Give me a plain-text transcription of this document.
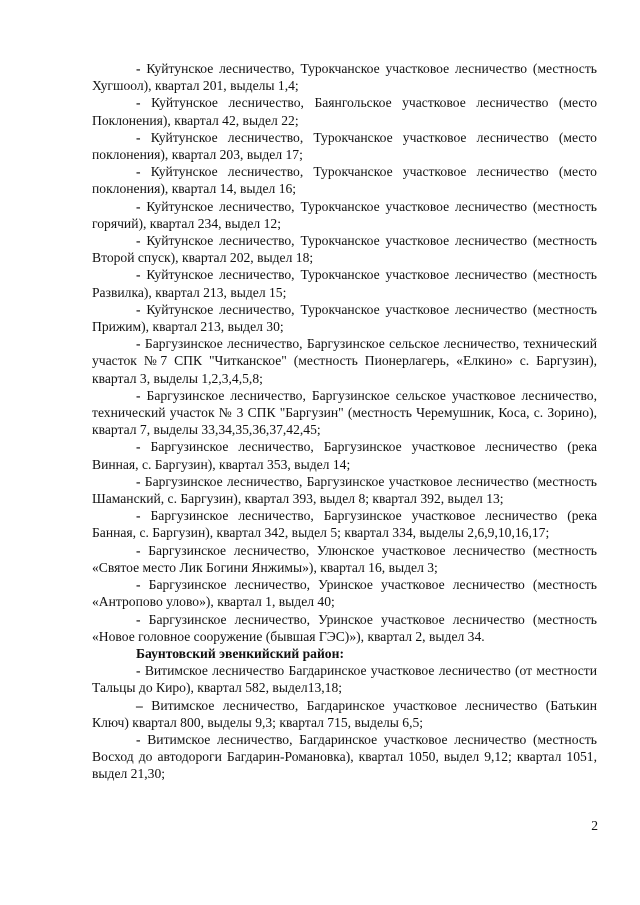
- Куйтунское лесничество, Турокчанское участковое лесничество (местность Хугшоол), квартал 201, выделы 1,4;

- Куйтунское лесничество, Баянгольское участковое лесничество (место Поклонения), квартал 42, выдел 22;

- Куйтунское лесничество, Турокчанское участковое лесничество (место поклонения), квартал 203, выдел 17;

- Куйтунское лесничество, Турокчанское участковое лесничество (место поклонения), квартал 14, выдел 16;

- Куйтунское лесничество, Турокчанское участковое лесничество (местность горячий), квартал 234, выдел 12;

- Куйтунское лесничество, Турокчанское участковое лесничество (местность Второй спуск), квартал 202, выдел 18;

- Куйтунское лесничество, Турокчанское участковое лесничество (местность Развилка), квартал 213, выдел 15;

- Куйтунское лесничество, Турокчанское участковое лесничество (местность Прижим), квартал 213, выдел 30;

- Баргузинское лесничество, Баргузинское сельское лесничество, технический участок №7 СПК "Читканское" (местность Пионерлагерь, «Елкино» с. Баргузин), квартал 3, выделы 1,2,3,4,5,8;

- Баргузинское лесничество, Баргузинское сельское участковое лесничество, технический участок № 3 СПК "Баргузин" (местность Черемушник, Коса, с. Зорино), квартал 7, выделы 33,34,35,36,37,42,45;

- Баргузинское лесничество, Баргузинское участковое лесничество (река Винная, с. Баргузин), квартал 353, выдел 14;

- Баргузинское лесничество, Баргузинское участковое лесничество (местность Шаманский, с. Баргузин), квартал 393, выдел 8; квартал 392, выдел 13;

- Баргузинское лесничество, Баргузинское участковое лесничество (река Банная, с. Баргузин), квартал 342, выдел 5; квартал 334, выделы 2,6,9,10,16,17;

- Баргузинское лесничество, Улюнское участковое лесничество (местность «Святое место Лик Богини Янжимы»), квартал 16, выдел 3;

- Баргузинское лесничество, Уринское участковое лесничество (местность «Антропово улово»), квартал 1, выдел 40;

- Баргузинское лесничество, Уринское участковое лесничество (местность «Новое головное сооружение (бывшая ГЭС)»), квартал 2, выдел 34.

Баунтовский эвенкийский район:

- Витимское лесничество Багдаринское участковое лесничество (от местности Тальцы до Киро), квартал 582, выдел13,18;

– Витимское лесничество, Багдаринское участковое лесничество (Батькин Ключ) квартал 800, выделы 9,3; квартал 715, выделы 6,5;

- Витимское лесничество, Багдаринское участковое лесничество (местность Восход до автодороги Багдарин-Романовка), квартал 1050, выдел 9,12; квартал 1051, выдел 21,30;

2
